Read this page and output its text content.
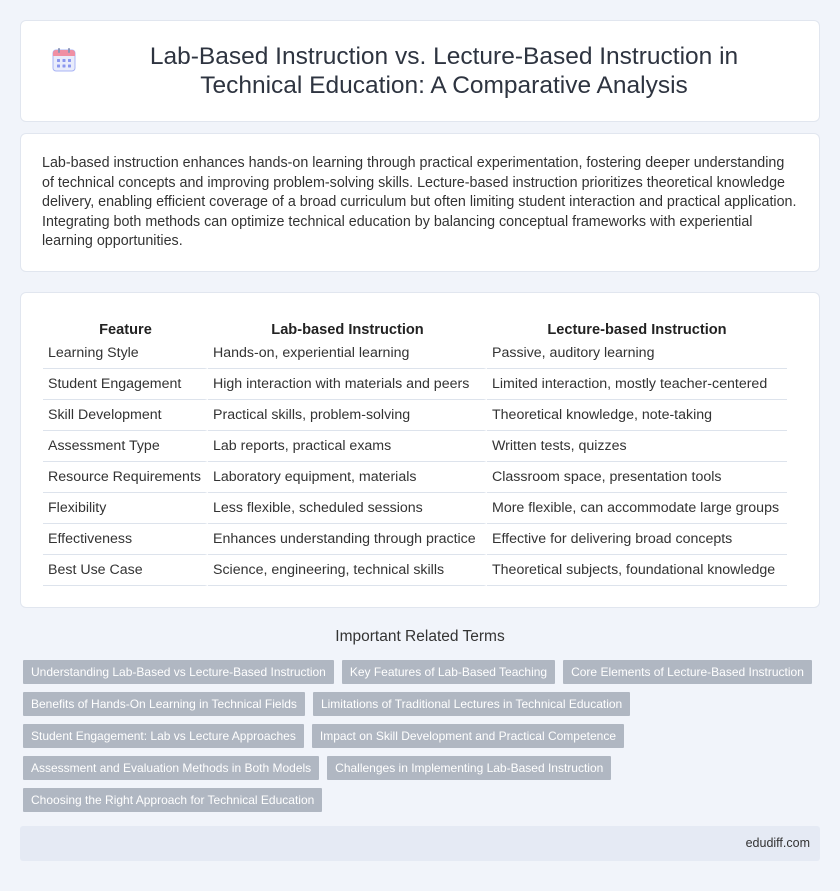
Lab-Based Instruction vs. Lecture-Based Instruction in Technical Education: A Comparative Analysis

Lab-based instruction enhances hands-on learning through practical experimentation, fostering deeper understanding of technical concepts and improving problem-solving skills. Lecture-based instruction prioritizes theoretical knowledge delivery, enabling efficient coverage of a broad curriculum but often limiting student interaction and practical application. Integrating both methods can optimize technical education by balancing conceptual frameworks with experiential learning opportunities.

Feature	Lab-based Instruction	Lecture-based Instruction
Learning Style	Hands-on, experiential learning	Passive, auditory learning
Student Engagement	High interaction with materials and peers	Limited interaction, mostly teacher-centered
Skill Development	Practical skills, problem-solving	Theoretical knowledge, note-taking
Assessment Type	Lab reports, practical exams	Written tests, quizzes
Resource Requirements	Laboratory equipment, materials	Classroom space, presentation tools
Flexibility	Less flexible, scheduled sessions	More flexible, can accommodate large groups
Effectiveness	Enhances understanding through practice	Effective for delivering broad concepts
Best Use Case	Science, engineering, technical skills	Theoretical subjects, foundational knowledge
Important Related Terms
Understanding Lab-Based vs Lecture-Based Instruction	Key Features of Lab-Based Teaching	Core Elements of Lecture-Based Instruction
Benefits of Hands-On Learning in Technical Fields	Limitations of Traditional Lectures in Technical Education
Student Engagement: Lab vs Lecture Approaches	Impact on Skill Development and Practical Competence
Assessment and Evaluation Methods in Both Models	Challenges in Implementing Lab-Based Instruction
Choosing the Right Approach for Technical Education
edudiff.com
